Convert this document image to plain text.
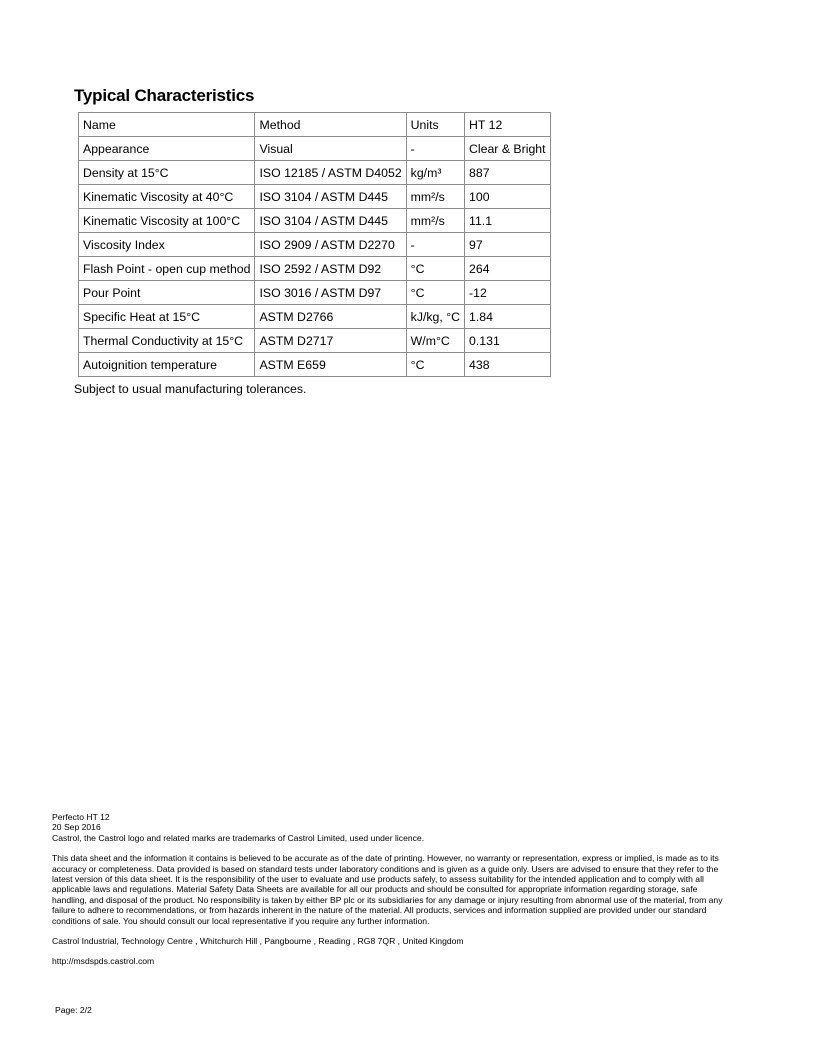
Typical Characteristics
Name	Method	Units	HT 12
Appearance	Visual	-	Clear & Bright
Density at 15°C	ISO 12185 / ASTM D4052	kg/m³	887
Kinematic Viscosity at 40°C	ISO 3104 / ASTM D445	mm²/s	100
Kinematic Viscosity at 100°C	ISO 3104 / ASTM D445	mm²/s	11.1
Viscosity Index	ISO 2909 / ASTM D2270	-	97
Flash Point - open cup method	ISO 2592 / ASTM D92	°C	264
Pour Point	ISO 3016 / ASTM D97	°C	-12
Specific Heat at 15°C	ASTM D2766	kJ/kg, °C	1.84
Thermal Conductivity at 15°C	ASTM D2717	W/m°C	0.131
Autoignition temperature	ASTM E659	°C	438
Subject to usual manufacturing tolerances.
Perfecto HT 12
20 Sep 2016
Castrol, the Castrol logo and related marks are trademarks of Castrol Limited, used under licence.
This data sheet and the information it contains is believed to be accurate as of the date of printing. However, no warranty or representation, express or implied, is made as to its accuracy or completeness. Data provided is based on standard tests under laboratory conditions and is given as a guide only. Users are advised to ensure that they refer to the latest version of this data sheet. It is the responsibility of the user to evaluate and use products safely, to assess suitability for the intended application and to comply with all applicable laws and regulations. Material Safety Data Sheets are available for all our products and should be consulted for appropriate information regarding storage, safe handling, and disposal of the product. No responsibility is taken by either BP plc or its subsidiaries for any damage or injury resulting from abnormal use of the material, from any failure to adhere to recommendations, or from hazards inherent in the nature of the material. All products, services and information supplied are provided under our standard conditions of sale. You should consult our local representative if you require any further information.
Castrol Industrial, Technology Centre , Whitchurch Hill , Pangbourne , Reading , RG8 7QR , United Kingdom
http://msdspds.castrol.com
Page: 2/2
